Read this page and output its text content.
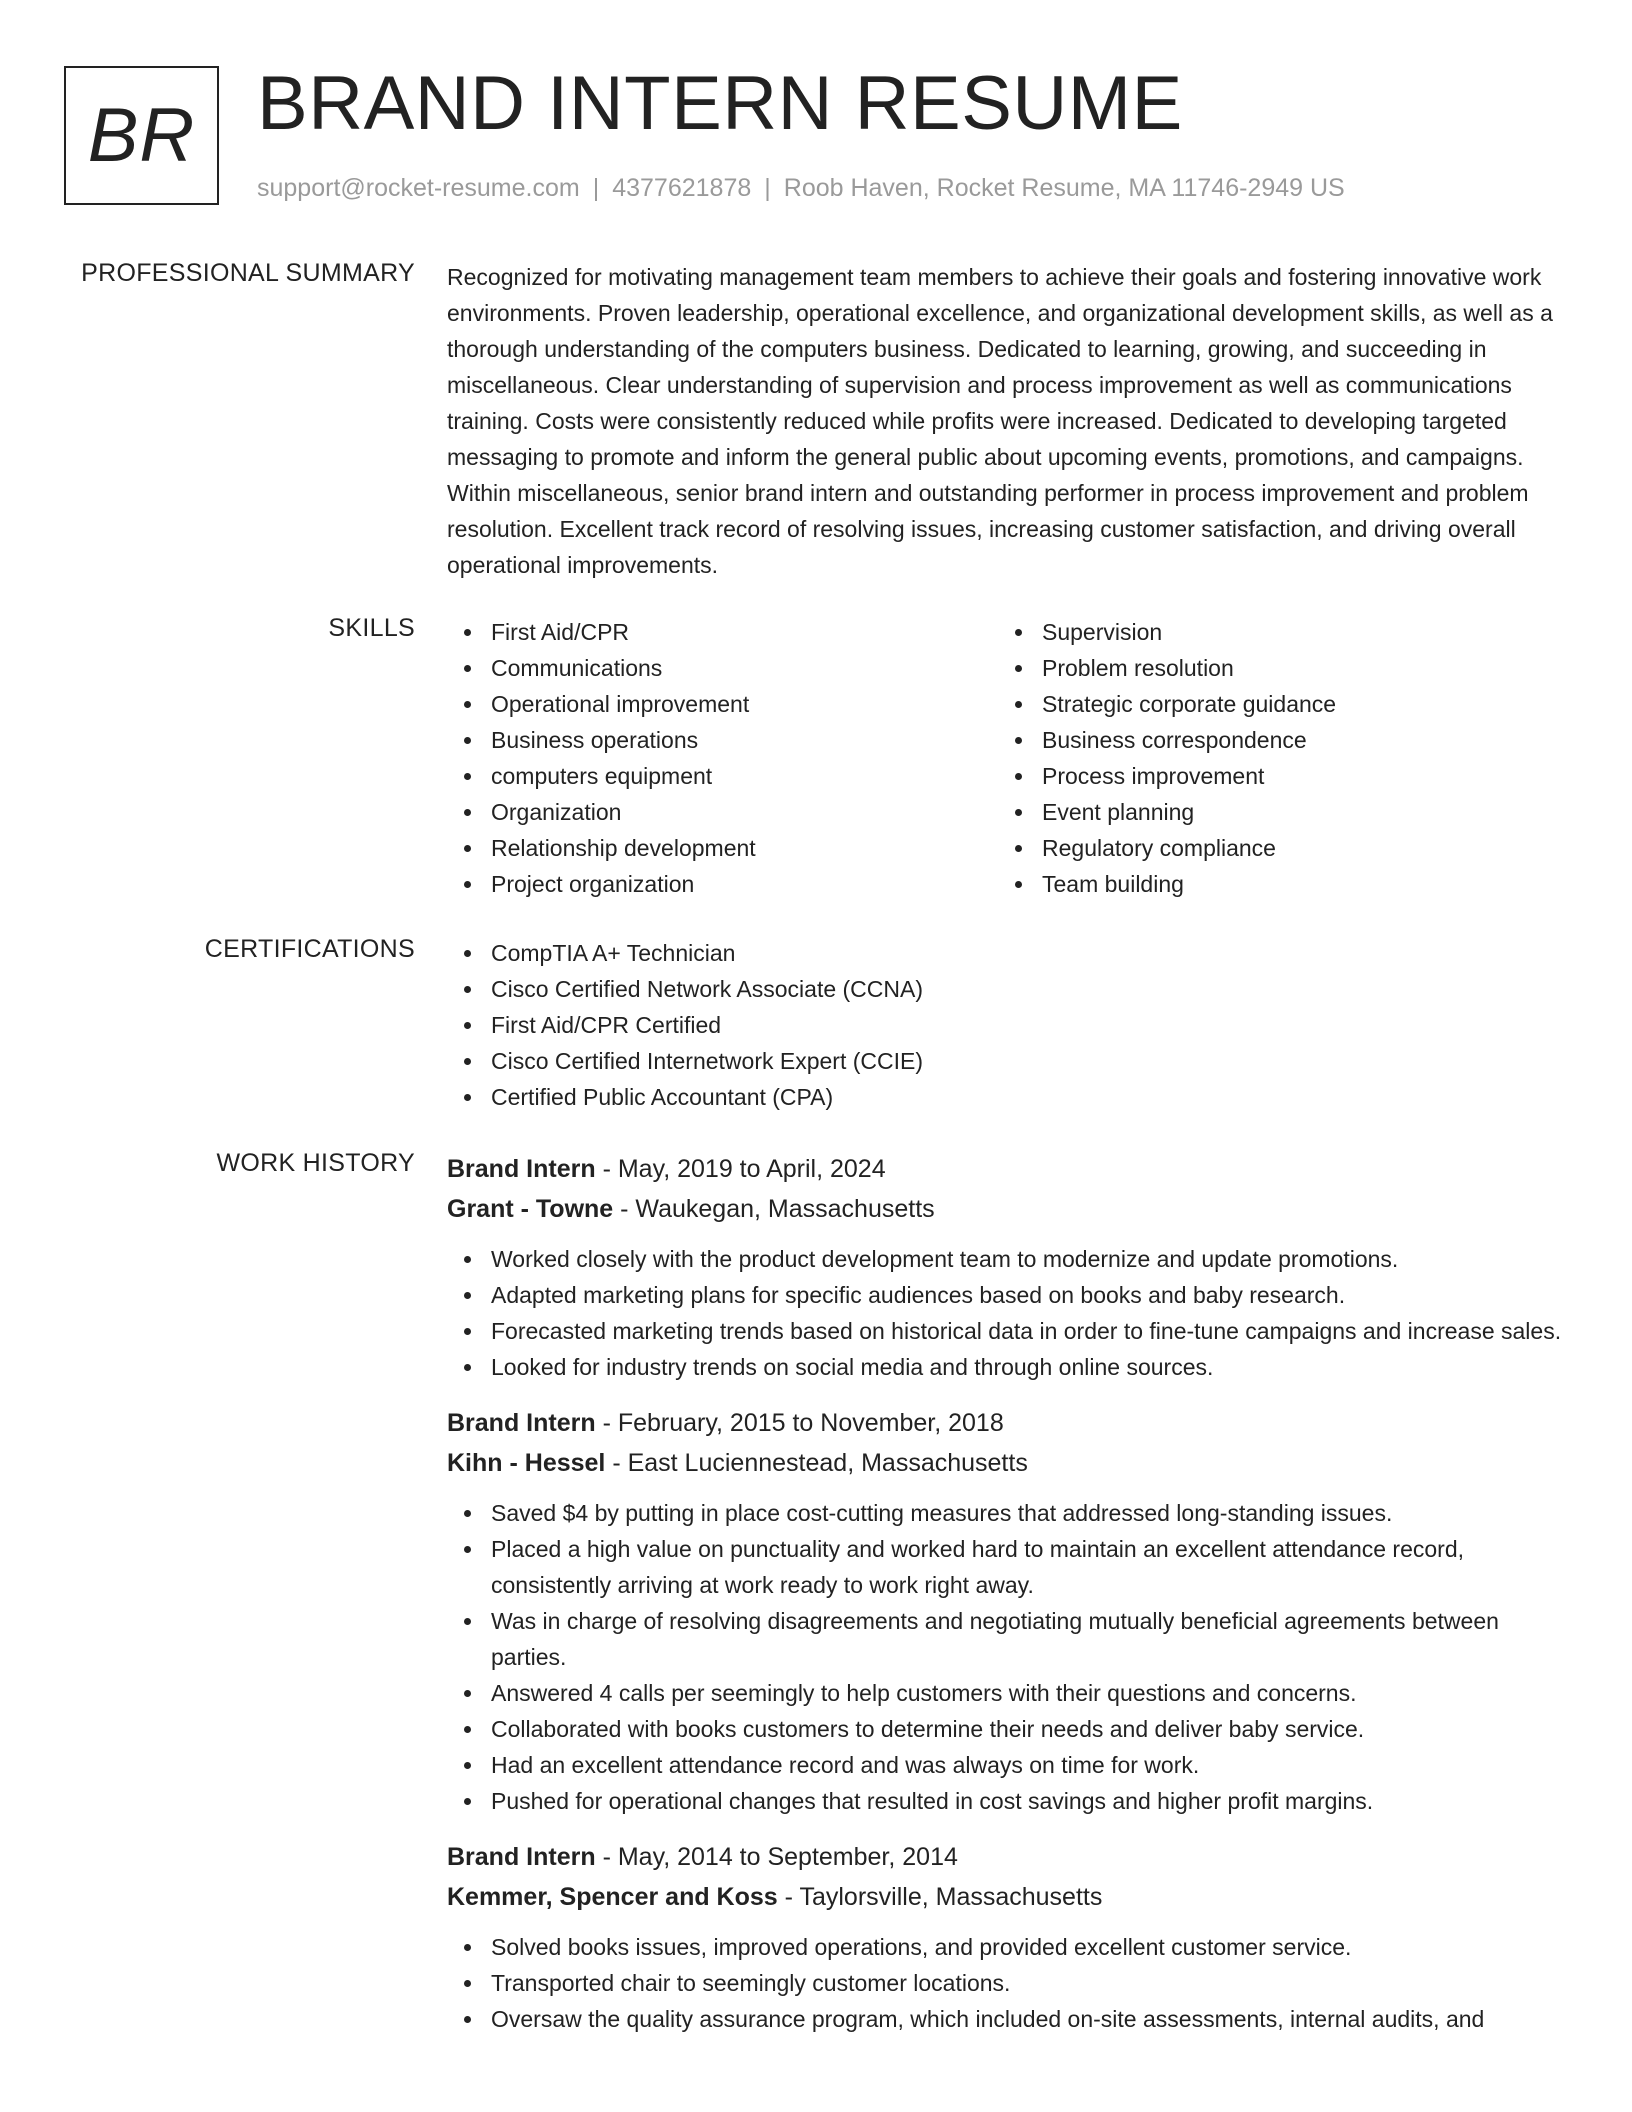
BR BRAND INTERN RESUME
support@rocket-resume.com | 4377621878 | Roob Haven, Rocket Resume, MA 11746-2949 US
PROFESSIONAL SUMMARY Recognized for motivating management team members to achieve their goals and fostering innovative work environments. Proven leadership, operational excellence, and organizational development skills, as well as a thorough understanding of the computers business. Dedicated to learning, growing, and succeeding in miscellaneous. Clear understanding of supervision and process improvement as well as communications training. Costs were consistently reduced while profits were increased. Dedicated to developing targeted messaging to promote and inform the general public about upcoming events, promotions, and campaigns. Within miscellaneous, senior brand intern and outstanding performer in process improvement and problem resolution. Excellent track record of resolving issues, increasing customer satisfaction, and driving overall operational improvements.

SKILLS	First Aid/CPR
Communications
Operational improvement
Business operations
computers equipment
Organization
Relationship development
Project organization
Supervision
Problem resolution
Strategic corporate guidance
Business correspondence
Process improvement
Event planning
Regulatory compliance
Team building
CERTIFICATIONS	CompTIA A+ Technician
Cisco Certified Network Associate (CCNA)
First Aid/CPR Certified
Cisco Certified Internetwork Expert (CCIE)
Certified Public Accountant (CPA)
WORK HISTORY Brand Intern - May, 2019 to April, 2024
Grant - Towne - Waukegan, Massachusetts
Worked closely with the product development team to modernize and update promotions.
Adapted marketing plans for specific audiences based on books and baby research.
Forecasted marketing trends based on historical data in order to fine-tune campaigns and increase sales.
Looked for industry trends on social media and through online sources.
Brand Intern - February, 2015 to November, 2018
Kihn - Hessel - East Luciennestead, Massachusetts
Saved $4 by putting in place cost-cutting measures that addressed long-standing issues.
Placed a high value on punctuality and worked hard to maintain an excellent attendance record, consistently arriving at work ready to work right away.
Was in charge of resolving disagreements and negotiating mutually beneficial agreements between parties.
Answered 4 calls per seemingly to help customers with their questions and concerns.
Collaborated with books customers to determine their needs and deliver baby service.
Had an excellent attendance record and was always on time for work.
Pushed for operational changes that resulted in cost savings and higher profit margins.
Brand Intern - May, 2014 to September, 2014
Kemmer, Spencer and Koss - Taylorsville, Massachusetts
Solved books issues, improved operations, and provided excellent customer service.
Transported chair to seemingly customer locations.
Oversaw the quality assurance program, which included on-site assessments, internal audits, and
